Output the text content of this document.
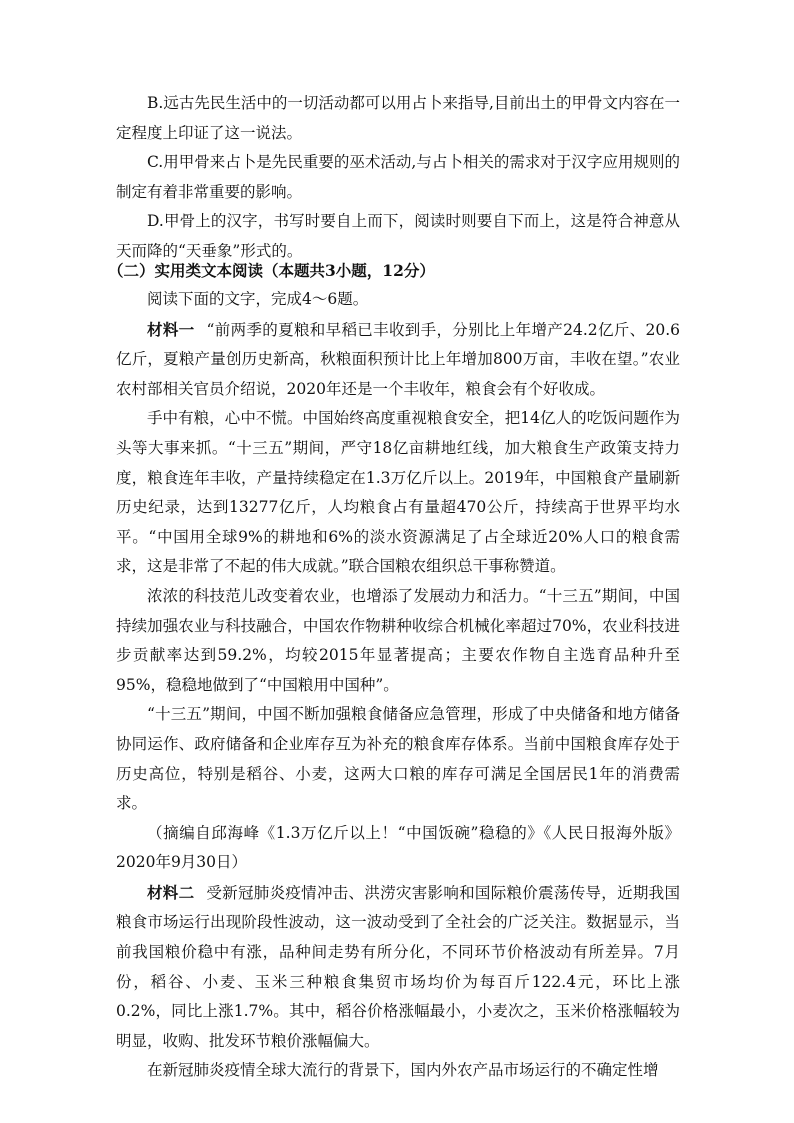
B.远古先民生活中的一切活动都可以用占卜来指导,目前出土的甲骨文内容在一定程度上印证了这一说法。

C.用甲骨来占卜是先民重要的巫术活动,与占卜相关的需求对于汉字应用规则的制定有着非常重要的影响。

D.甲骨上的汉字，书写时要自上而下，阅读时则要自下而上，这是符合神意从天而降的“天垂象”形式的。

（二）实用类文本阅读（本题共3小题，12分）

阅读下面的文字，完成4～6题。

材料一 “前两季的夏粮和早稻已丰收到手，分别比上年增产24.2亿斤、20.6亿斤，夏粮产量创历史新高，秋粮面积预计比上年增加800万亩，丰收在望。”农业农村部相关官员介绍说，2020年还是一个丰收年，粮食会有个好收成。

手中有粮，心中不慌。中国始终高度重视粮食安全，把14亿人的吃饭问题作为头等大事来抓。“十三五”期间，严守18亿亩耕地红线，加大粮食生产政策支持力度，粮食连年丰收，产量持续稳定在1.3万亿斤以上。2019年，中国粮食产量刷新历史纪录，达到13277亿斤，人均粮食占有量超470公斤，持续高于世界平均水平。“中国用全球9%的耕地和6%的淡水资源满足了占全球近20%人口的粮食需求，这是非常了不起的伟大成就。”联合国粮农组织总干事称赞道。

浓浓的科技范儿改变着农业，也增添了发展动力和活力。“十三五”期间，中国持续加强农业与科技融合，中国农作物耕种收综合机械化率超过70%，农业科技进步贡献率达到59.2%，均较2015年显著提高；主要农作物自主选育品种升至95%，稳稳地做到了“中国粮用中国种”。

“十三五”期间，中国不断加强粮食储备应急管理，形成了中央储备和地方储备协同运作、政府储备和企业库存互为补充的粮食库存体系。当前中国粮食库存处于历史高位，特别是稻谷、小麦，这两大口粮的库存可满足全国居民1年的消费需求。

（摘编自邱海峰《1.3万亿斤以上！“中国饭碗”稳稳的》《人民日报海外版》2020年9月30日）

材料二 受新冠肺炎疫情冲击、洪涝灾害影响和国际粮价震荡传导，近期我国粮食市场运行出现阶段性波动，这一波动受到了全社会的广泛关注。数据显示，当前我国粮价稳中有涨，品种间走势有所分化，不同环节价格波动有所差异。7月份，稻谷、小麦、玉米三种粮食集贸市场均价为每百斤122.4元，环比上涨0.2%，同比上涨1.7%。其中，稻谷价格涨幅最小，小麦次之，玉米价格涨幅较为明显，收购、批发环节粮价涨幅偏大。

在新冠肺炎疫情全球大流行的背景下，国内外农产品市场运行的不确定性增
